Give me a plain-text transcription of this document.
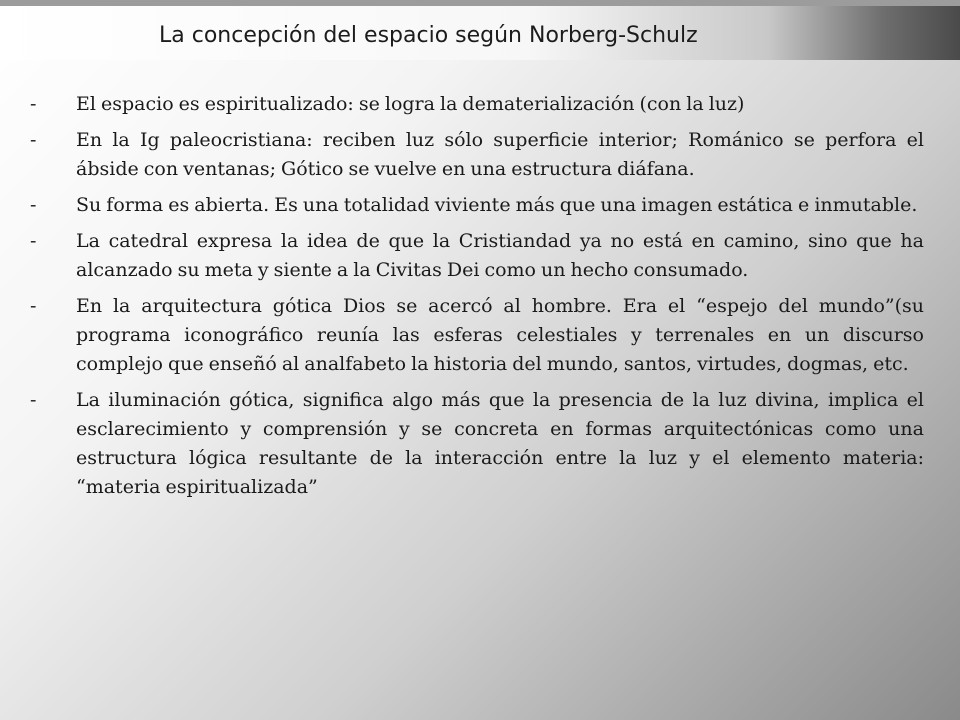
La concepción del espacio según Norberg-Schulz
- El espacio es espiritualizado: se logra la dematerialización (con la luz)
- En la Ig paleocristiana: reciben luz sólo superficie interior; Románico se perfora el ábside con ventanas; Gótico se vuelve en una estructura diáfana.
- Su forma es abierta. Es una totalidad viviente más que una imagen estática e inmutable.
- La catedral expresa la idea de que la Cristiandad ya no está en camino, sino que ha alcanzado su meta y siente a la Civitas Dei como un hecho consumado.
- En la arquitectura gótica Dios se acercó al hombre. Era el “espejo del mundo”(su programa iconográfico reunía las esferas celestiales y terrenales en un discurso complejo que enseñó al analfabeto la historia del mundo, santos, virtudes, dogmas, etc.
- La iluminación gótica, significa algo más que la presencia de la luz divina, implica el esclarecimiento y comprensión y se concreta en formas arquitectónicas como una estructura lógica resultante de la interacción entre la luz y el elemento materia: “materia espiritualizada”
